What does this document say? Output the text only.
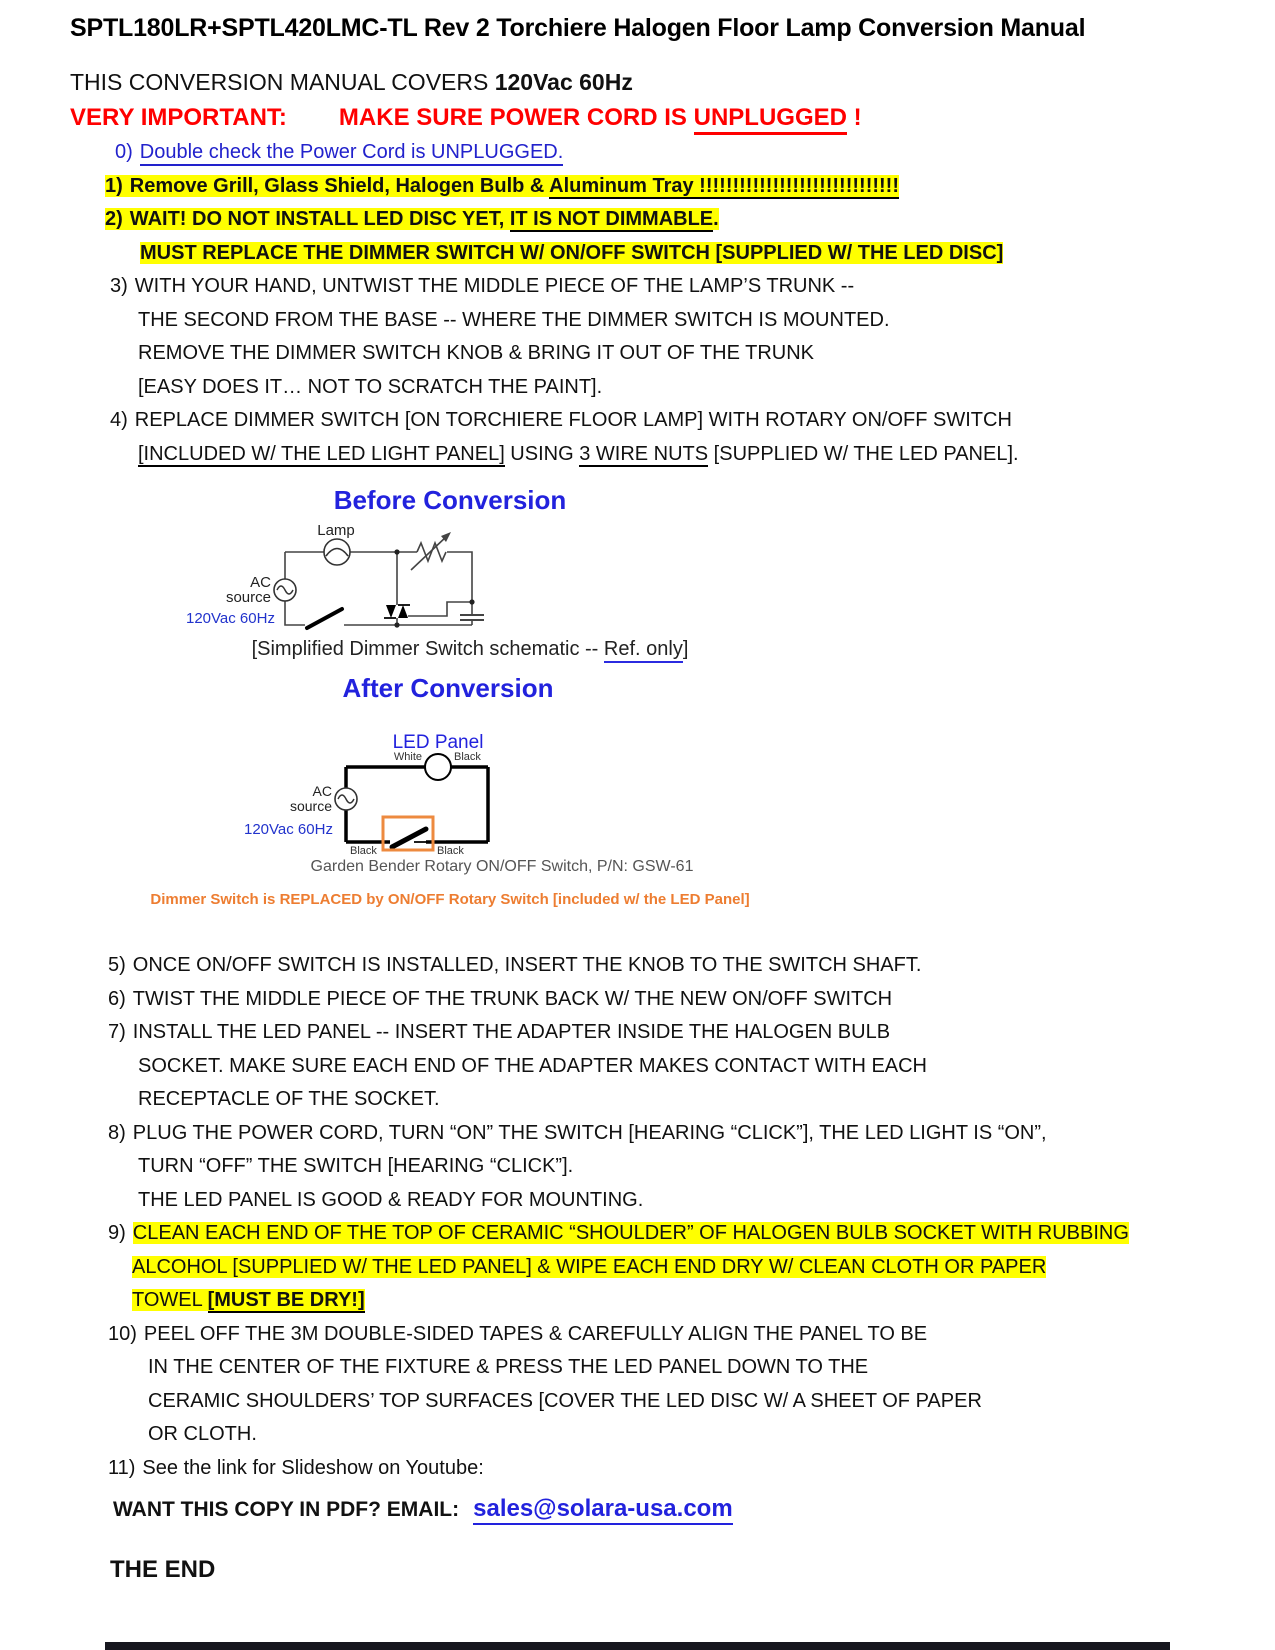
SPTL180LR+SPTL420LMC-TL Rev 2 Torchiere Halogen Floor Lamp Conversion Manual
THIS CONVERSION MANUAL COVERS 120Vac 60Hz
VERY IMPORTANT: MAKE SURE POWER CORD IS UNPLUGGED !
0) Double check the Power Cord is UNPLUGGED.
1) Remove Grill, Glass Shield, Halogen Bulb & Aluminum Tray !!!!!!!!!!!!!!!!!!!!!!!!!!!!!!
2) WAIT! DO NOT INSTALL LED DISC YET, IT IS NOT DIMMABLE.
MUST REPLACE THE DIMMER SWITCH W/ ON/OFF SWITCH [SUPPLIED W/ THE LED DISC]
3) WITH YOUR HAND, UNTWIST THE MIDDLE PIECE OF THE LAMP’S TRUNK --
THE SECOND FROM THE BASE -- WHERE THE DIMMER SWITCH IS MOUNTED.
REMOVE THE DIMMER SWITCH KNOB & BRING IT OUT OF THE TRUNK
[EASY DOES IT… NOT TO SCRATCH THE PAINT].
4) REPLACE DIMMER SWITCH [ON TORCHIERE FLOOR LAMP] WITH ROTARY ON/OFF SWITCH
[INCLUDED W/ THE LED LIGHT PANEL] USING 3 WIRE NUTS [SUPPLIED W/ THE LED PANEL].
Before Conversion
Lamp
AC
source
120Vac 60Hz
[Simplified Dimmer Switch schematic -- Ref. only]
After Conversion
LED Panel
White	Black
AC
source
120Vac 60Hz
Black	Black
Garden Bender Rotary ON/OFF Switch, P/N: GSW-61
Dimmer Switch is REPLACED by ON/OFF Rotary Switch [included w/ the LED Panel]
5) ONCE ON/OFF SWITCH IS INSTALLED, INSERT THE KNOB TO THE SWITCH SHAFT.
6) TWIST THE MIDDLE PIECE OF THE TRUNK BACK W/ THE NEW ON/OFF SWITCH
7) INSTALL THE LED PANEL -- INSERT THE ADAPTER INSIDE THE HALOGEN BULB
SOCKET. MAKE SURE EACH END OF THE ADAPTER MAKES CONTACT WITH EACH
RECEPTACLE OF THE SOCKET.
8) PLUG THE POWER CORD, TURN “ON” THE SWITCH [HEARING “CLICK”], THE LED LIGHT IS “ON”,
TURN “OFF” THE SWITCH [HEARING “CLICK”].
THE LED PANEL IS GOOD & READY FOR MOUNTING.
9) CLEAN EACH END OF THE TOP OF CERAMIC “SHOULDER” OF HALOGEN BULB SOCKET WITH RUBBING
ALCOHOL [SUPPLIED W/ THE LED PANEL] & WIPE EACH END DRY W/ CLEAN CLOTH OR PAPER
TOWEL [MUST BE DRY!]
10) PEEL OFF THE 3M DOUBLE-SIDED TAPES & CAREFULLY ALIGN THE PANEL TO BE
IN THE CENTER OF THE FIXTURE & PRESS THE LED PANEL DOWN TO THE
CERAMIC SHOULDERS’ TOP SURFACES [COVER THE LED DISC W/ A SHEET OF PAPER
OR CLOTH.
11) See the link for Slideshow on Youtube:
WANT THIS COPY IN PDF? EMAIL: sales@solara-usa.com
THE END
